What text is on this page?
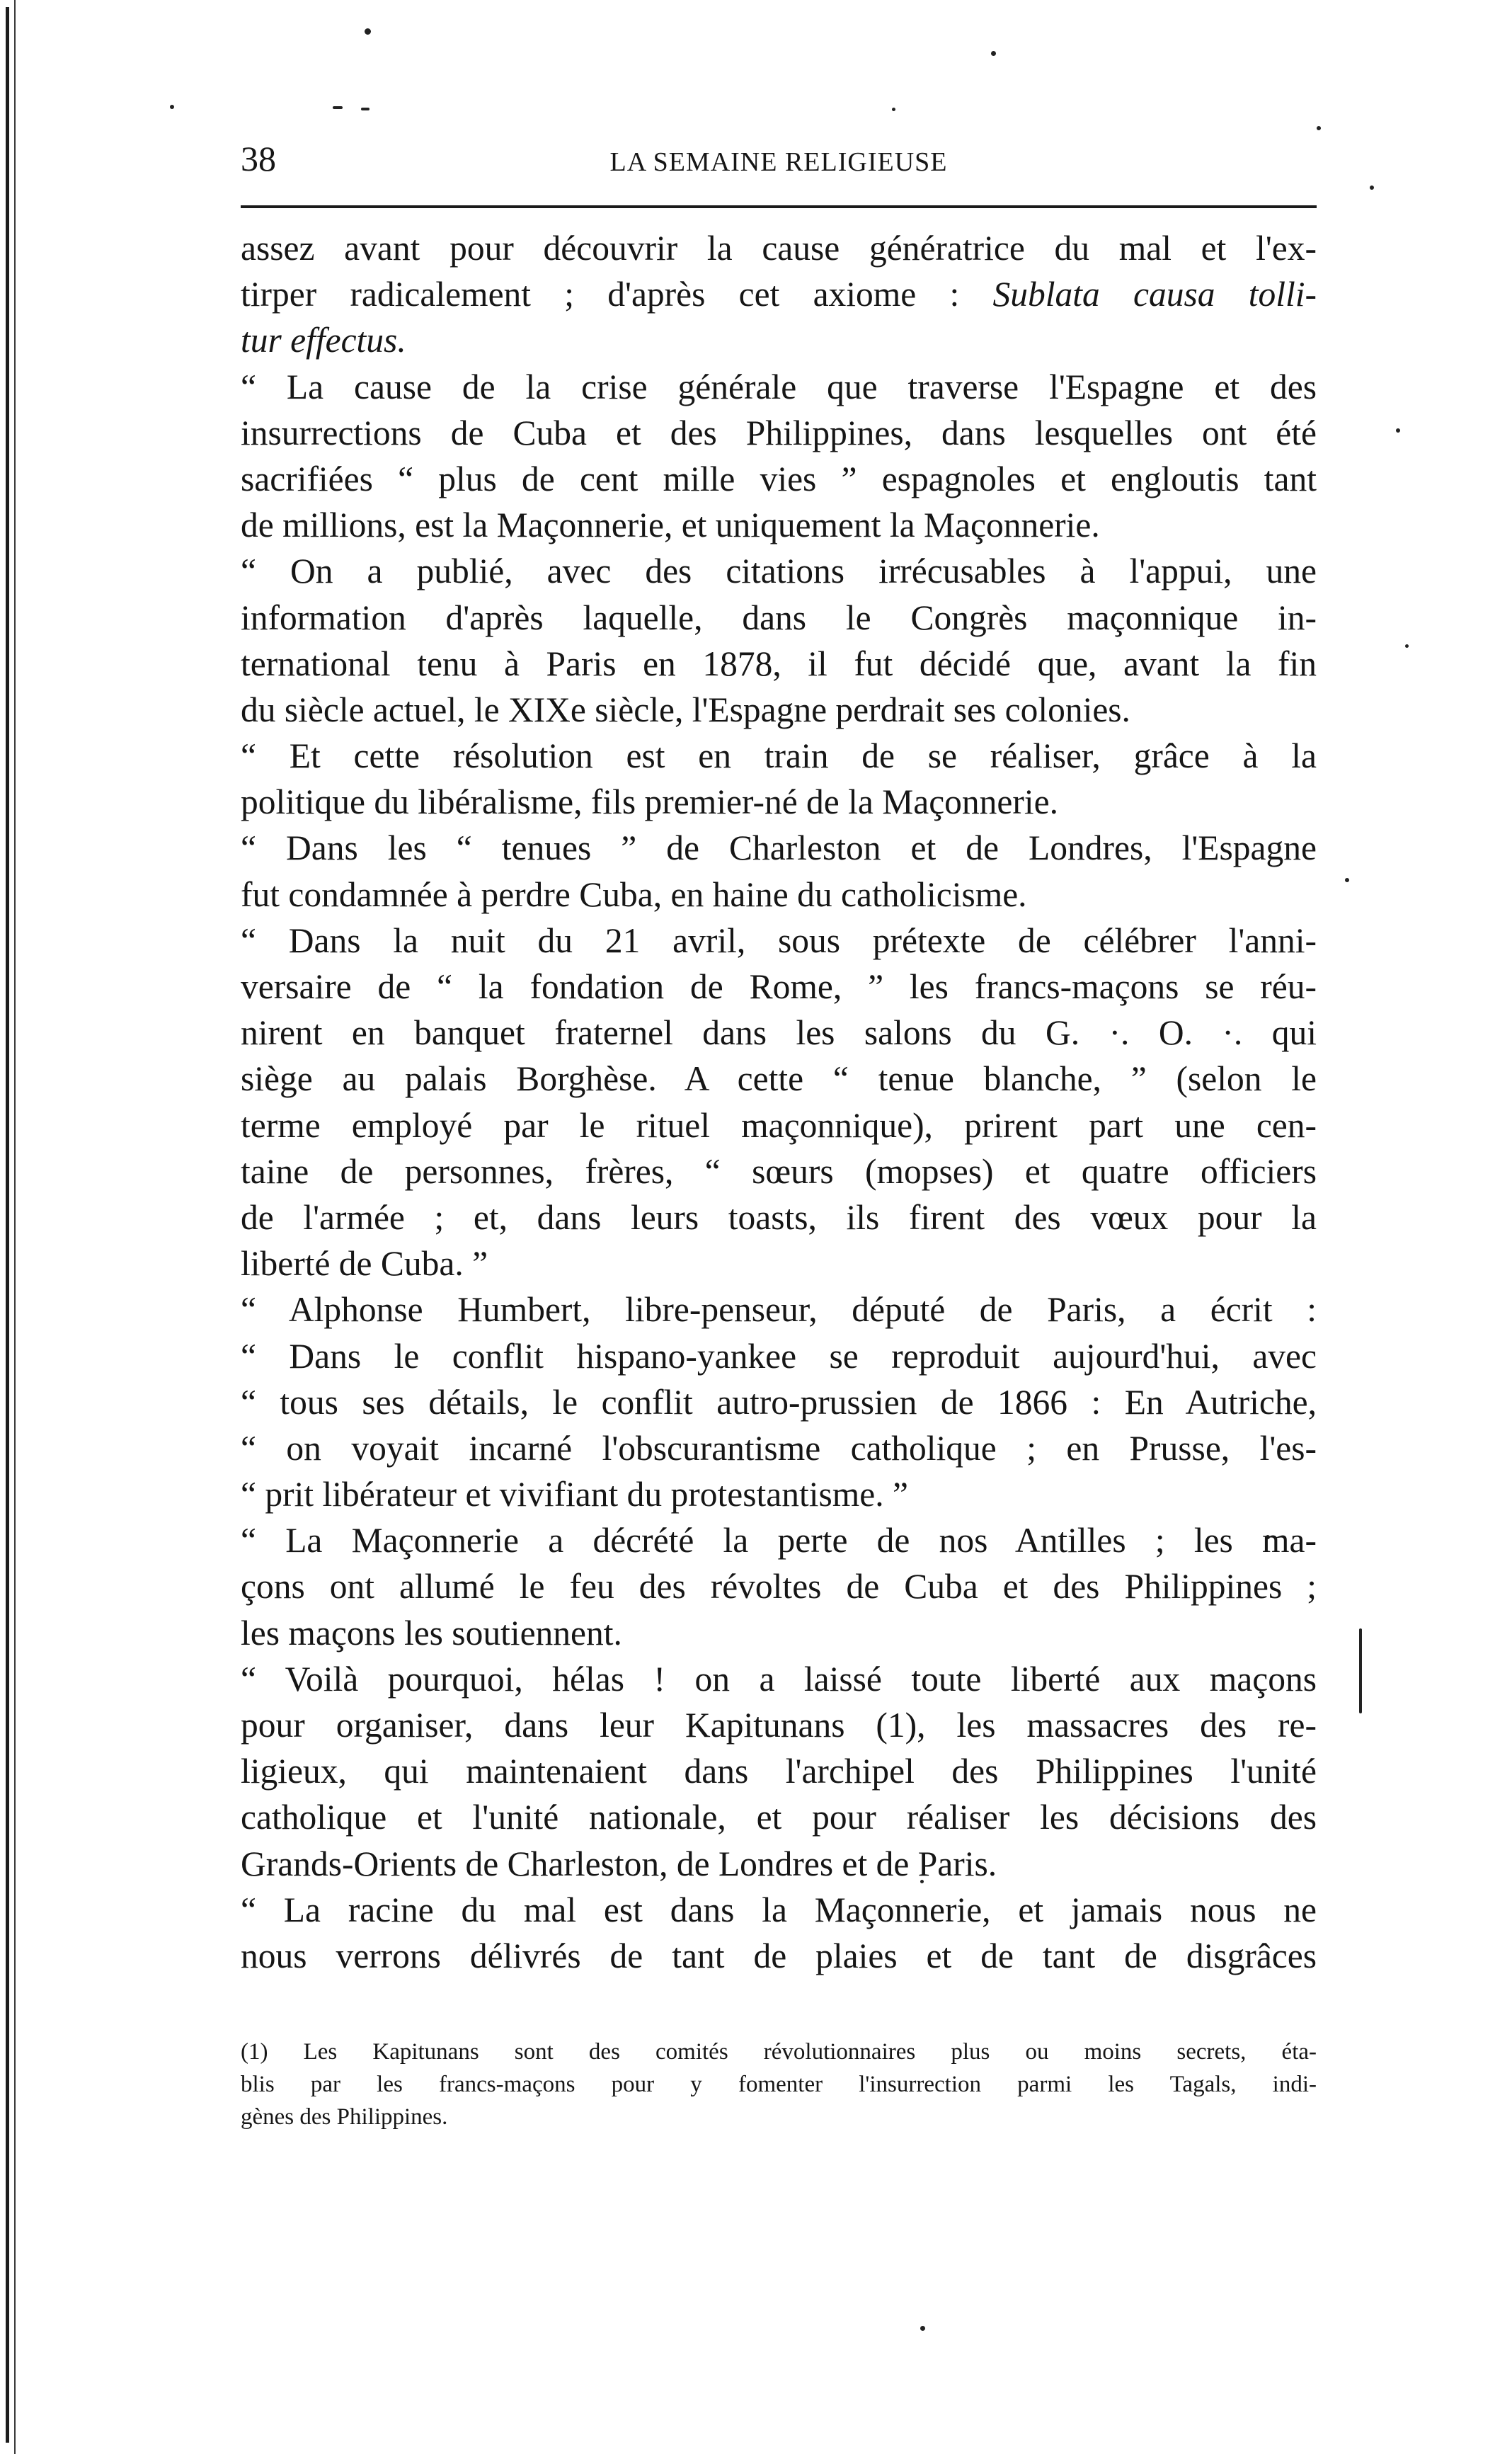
38	LA SEMAINE RELIGIEUSE
assez avant pour découvrir la cause génératrice du mal et l'ex-
tirper radicalement ; d'après cet axiome : Sublata causa tolli-
tur effectus.
“ La cause de la crise générale que traverse l'Espagne et des
insurrections de Cuba et des Philippines, dans lesquelles ont été
sacrifiées “ plus de cent mille vies ” espagnoles et engloutis tant
de millions, est la Maçonnerie, et uniquement la Maçonnerie.
“ On a publié, avec des citations irrécusables à l'appui, une
information d'après laquelle, dans le Congrès maçonnique in-
ternational tenu à Paris en 1878, il fut décidé que, avant la fin
du siècle actuel, le XIXe siècle, l'Espagne perdrait ses colonies.
“ Et cette résolution est en train de se réaliser, grâce à la
politique du libéralisme, fils premier-né de la Maçonnerie.
“ Dans les “ tenues ” de Charleston et de Londres, l'Espagne
fut condamnée à perdre Cuba, en haine du catholicisme.
“ Dans la nuit du 21 avril, sous prétexte de célébrer l'anni-
versaire de “ la fondation de Rome, ” les francs-maçons se réu-
nirent en banquet fraternel dans les salons du G. ·. O. ·. qui
siège au palais Borghèse. A cette “ tenue blanche, ” (selon le
terme employé par le rituel maçonnique), prirent part une cen-
taine de personnes, frères, “ sœurs (mopses) et quatre officiers
de l'armée ; et, dans leurs toasts, ils firent des vœux pour la
liberté de Cuba. ”
“ Alphonse Humbert, libre-penseur, député de Paris, a écrit :
“ Dans le conflit hispano-yankee se reproduit aujourd'hui, avec
“ tous ses détails, le conflit autro-prussien de 1866 : En Autriche,
“ on voyait incarné l'obscurantisme catholique ; en Prusse, l'es-
“ prit libérateur et vivifiant du protestantisme. ”
“ La Maçonnerie a décrété la perte de nos Antilles ; les ma-
çons ont allumé le feu des révoltes de Cuba et des Philippines ;
les maçons les soutiennent.
“ Voilà pourquoi, hélas ! on a laissé toute liberté aux maçons
pour organiser, dans leur Kapitunans (1), les massacres des re-
ligieux, qui maintenaient dans l'archipel des Philippines l'unité
catholique et l'unité nationale, et pour réaliser les décisions des
Grands-Orients de Charleston, de Londres et de Paris.
“ La racine du mal est dans la Maçonnerie, et jamais nous ne
nous verrons délivrés de tant de plaies et de tant de disgrâces
(1) Les Kapitunans sont des comités révolutionnaires plus ou moins secrets, éta-
blis par les francs-maçons pour y fomenter l'insurrection parmi les Tagals, indi-
gènes des Philippines.
